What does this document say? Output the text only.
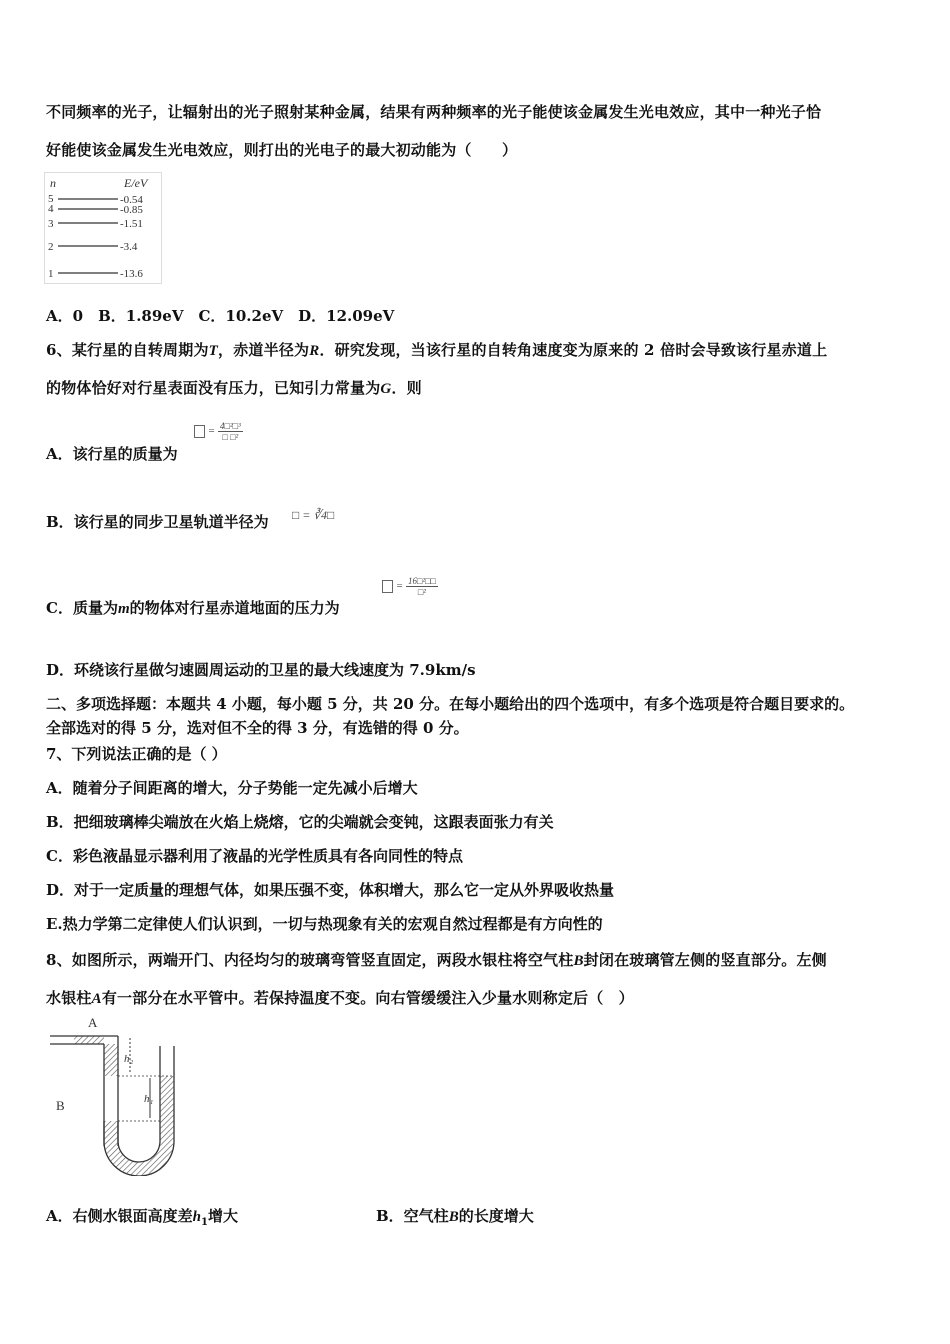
不同频率的光子，让辐射出的光子照射某种金属，结果有两种频率的光子能使该金属发生光电效应，其中一种光子恰
好能使该金属发生光电效应，则打出的光电子的最大初动能为（　　）
n	E/eV
5	-0.54
4	-0.85
3	-1.51
2	-3.4
1	-13.6
A．0　B．1.89eV　C．10.2eV　D．12.09eV
6、某行星的自转周期为T，赤道半径为R．研究发现，当该行星的自转角速度变为原来的 2 倍时会导致该行星赤道上
的物体恰好对行星表面没有压力，已知引力常量为G．则
A．该行星的质量为
= $\frac{\text{4□²□³}}{\text{□ □²}}$
B．该行星的同步卫星轨道半径为 □ = ∛4□
C．质量为m的物体对行星赤道地面的压力为
= $\frac{\text{16□²□□}}{\text{□²}}$
D．环绕该行星做匀速圆周运动的卫星的最大线速度为 7.9km/s
二、多项选择题：本题共 4 小题，每小题 5 分，共 20 分。在每小题给出的四个选项中，有多个选项是符合题目要求的。
全部选对的得 5 分，选对但不全的得 3 分，有选错的得 0 分。
7、下列说法正确的是（ ）
A．随着分子间距离的增大，分子势能一定先减小后增大
B．把细玻璃棒尖端放在火焰上烧熔，它的尖端就会变钝，这跟表面张力有关
C．彩色液晶显示器利用了液晶的光学性质具有各向同性的特点
D．对于一定质量的理想气体，如果压强不变，体积增大，那么它一定从外界吸收热量
E.热力学第二定律使人们认识到，一切与热现象有关的宏观自然过程都是有方向性的
8、如图所示，两端开门、内径均匀的玻璃弯管竖直固定，两段水银柱将空气柱B封闭在玻璃管左侧的竖直部分。左侧
水银柱A有一部分在水平管中。若保持温度不变。向右管缓缓注入少量水则称定后（　）
A
B
h₂
h₁
A．右侧水银面高度差$h_1$增大	B．空气柱B的长度增大
